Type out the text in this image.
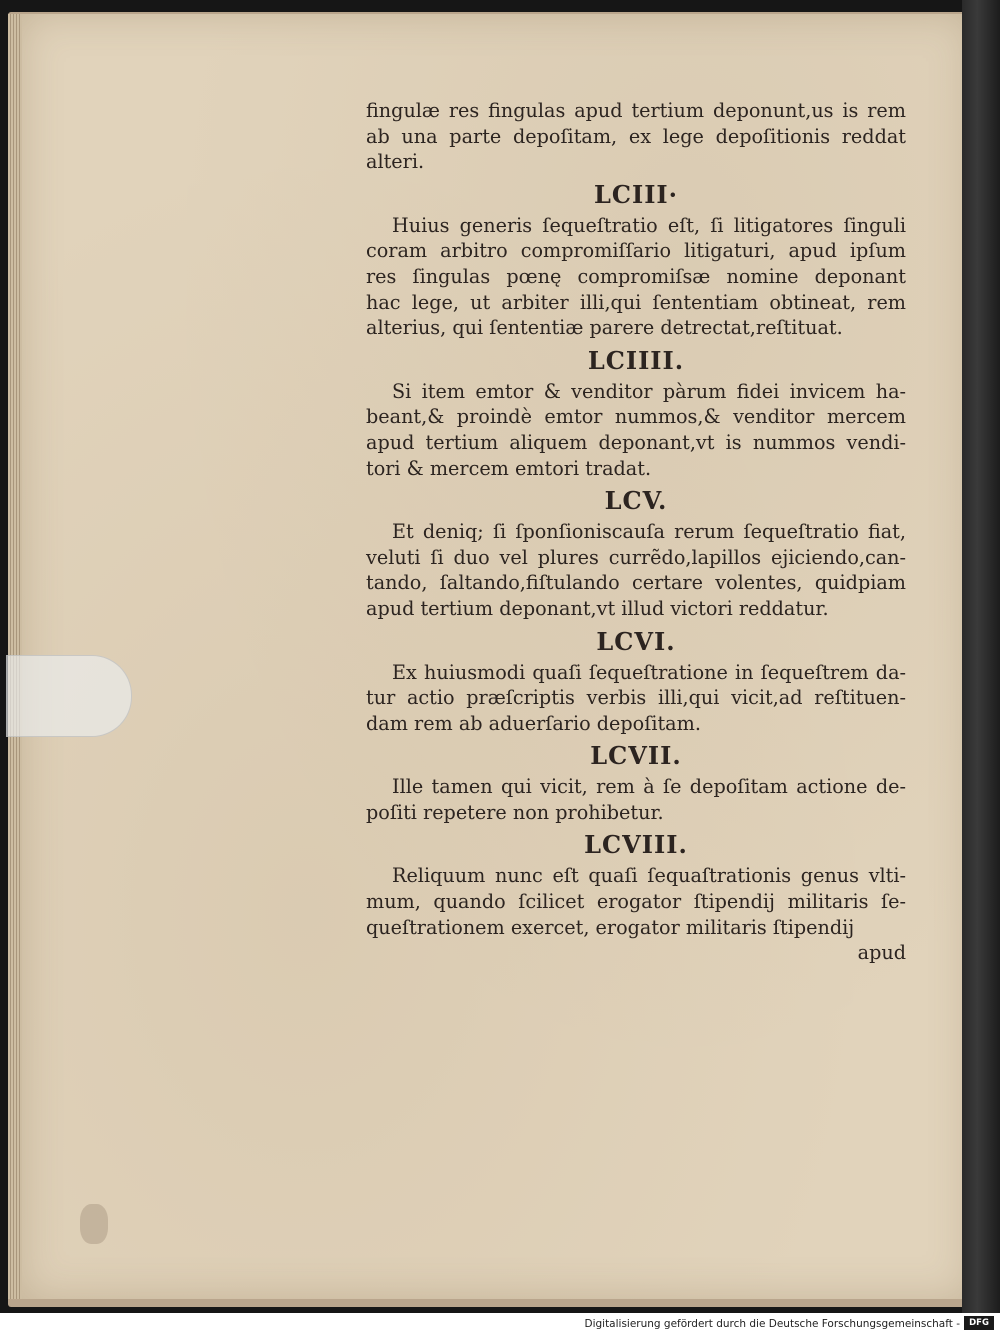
fingulæ res fingulas apud tertium deponunt,us is rem
ab una parte depoſitam, ex lege depoſitionis reddat
alteri.
LCIII·
Huius generis ſequeſtratio eſt, ſi litigatores ſinguli
coram arbitro compromiſſario litigaturi, apud ipſum
res ſingulas pœnę compromiſsæ nomine deponant
hac lege, ut arbiter illi,qui ſententiam obtineat, rem
alterius, qui ſententiæ parere detrectat,reſtituat.
LCIIII.
Si item emtor & venditor pàrum fidei invicem ha-
beant,& proindè emtor nummos,& venditor mercem
apud tertium aliquem deponant,vt is nummos vendi-
tori & mercem emtori tradat.
LCV.
Et deniq; ſi ſponſioniscauſa rerum ſequeſtratio fiat,
veluti ſi duo vel plures currẽdo,lapillos ejiciendo,can-
tando, ſaltando,fiſtulando certare volentes, quidpiam
apud tertium deponant,vt illud victori reddatur.
LCVI.
Ex huiusmodi quaſi ſequeſtratione in ſequeſtrem da-
tur actio præſcriptis verbis illi,qui vicit,ad reſtituen-
dam rem ab aduerſario depoſitam.
LCVII.
Ille tamen qui vicit, rem à ſe depoſitam actione de-
poſiti repetere non prohibetur.
LCVIII.
Reliquum nunc eſt quaſi ſequaſtrationis genus vlti-
mum, quando ſcilicet erogator ſtipendij militaris ſe-
queſtrationem exercet, erogator militaris ſtipendij
apud
Digitalisierung gefördert durch die Deutsche Forschungsgemeinschaft -	DFG
